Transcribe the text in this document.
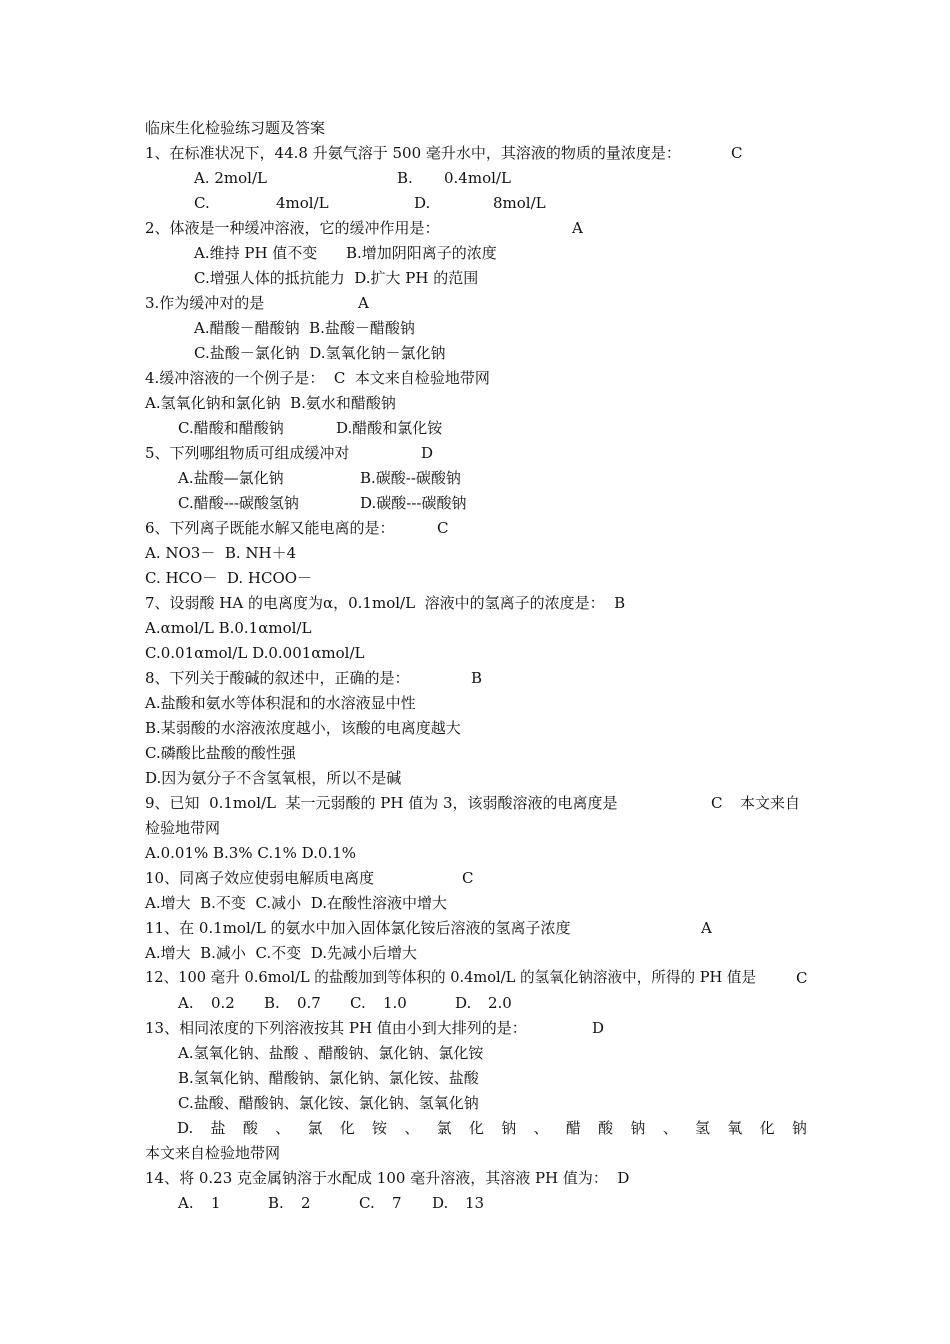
临床生化检验练习题及答案
1、在标准状况下，44.8 升氨气溶于 500 毫升水中，其溶液的物质的量浓度是：	C
A. 2mol/L	B. 0.4mol/L
C.	4mol/L	D.	8mol/L
2、体液是一种缓冲溶液，它的缓冲作用是：	A
A.维持 PH 值不变 B.增加阴阳离子的浓度
C.增强人体的抵抗能力  D.扩大 PH 的范围
3.作为缓冲对的是	A
A.醋酸－醋酸钠  B.盐酸－醋酸钠
C.盐酸－氯化钠  D.氢氧化钠－氯化钠
4.缓冲溶液的一个例子是：  C  本文来自检验地带网
A.氢氧化钠和氯化钠  B.氨水和醋酸钠
C.醋酸和醋酸钠	D.醋酸和氯化铵
5、下列哪组物质可组成缓冲对	D
A.盐酸—氯化钠	B.碳酸--碳酸钠
C.醋酸---碳酸氢钠	D.碳酸---碳酸钠
6、下列离子既能水解又能电离的是：	C
A. NO3－  B. NH＋4
C. HCO－  D. HCOO－
7、设弱酸 HA 的电离度为α，0.1mol/L  溶液中的氢离子的浓度是：  B
A.αmol/L B.0.1αmol/L
C.0.01αmol/L D.0.001αmol/L
8、下列关于酸碱的叙述中，正确的是：	B
A.盐酸和氨水等体积混和的水溶液显中性
B.某弱酸的水溶液浓度越小，该酸的电离度越大
C.磷酸比盐酸的酸性强
D.因为氨分子不含氢氧根，所以不是碱
9、已知  0.1mol/L  某一元弱酸的 PH 值为 3，该弱酸溶液的电离度是	C 本文来自
检验地带网
A.0.01% B.3% C.1% D.0.1%
10、同离子效应使弱电解质电离度	C
A.增大  B.不变  C.减小  D.在酸性溶液中增大
11、在 0.1mol/L 的氨水中加入固体氯化铵后溶液的氢离子浓度	A
A.增大  B.减小  C.不变  D.先减小后增大
12、100 毫升 0.6mol/L 的盐酸加到等体积的 0.4mol/L 的氢氧化钠溶液中，所得的 PH 值是	C
A. 0.2 B. 0.7 C. 1.0	D. 2.0
13、相同浓度的下列溶液按其 PH 值由小到大排列的是：	D
A.氢氧化钠、盐酸 、醋酸钠、氯化钠、氯化铵
B.氢氧化钠、醋酸钠、氯化钠、氯化铵、盐酸
C.盐酸、醋酸钠、氯化铵、氯化钠、氢氧化钠
D. 盐 酸 、 氯 化 铵 、 氯 化 钠 、 醋 酸 钠 、 氢 氧 化 钠
本文来自检验地带网
14、将 0.23 克金属钠溶于水配成 100 毫升溶液，其溶液 PH 值为：  D
A. 1	B. 2	C. 7 D. 13
